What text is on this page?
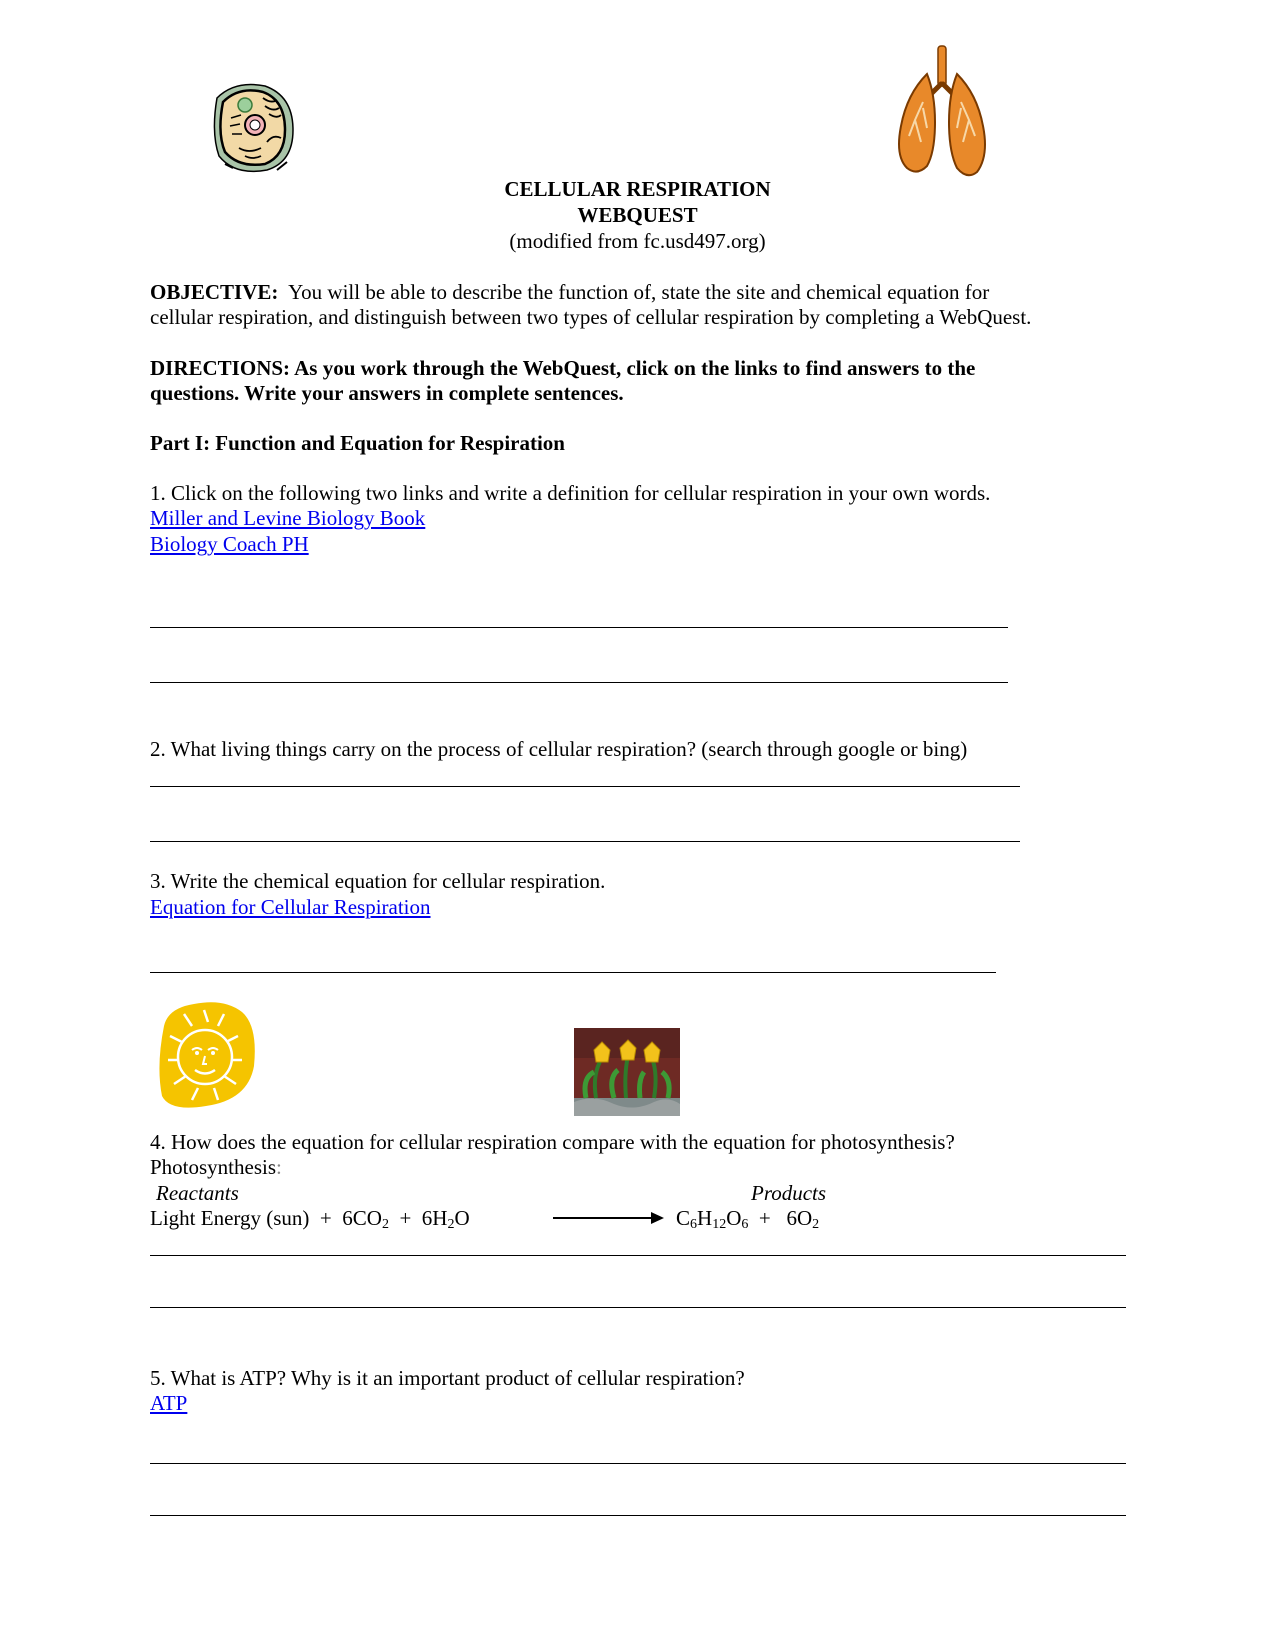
CELLULAR RESPIRATION
WEBQUEST
(modified from fc.usd497.org)
OBJECTIVE: You will be able to describe the function of, state the site and chemical equation for
cellular respiration, and distinguish between two types of cellular respiration by completing a WebQuest.
DIRECTIONS: As you work through the WebQuest, click on the links to find answers to the
questions. Write your answers in complete sentences.
Part I: Function and Equation for Respiration
1. Click on the following two links and write a definition for cellular respiration in your own words.
Miller and Levine Biology Book
Biology Coach PH
2. What living things carry on the process of cellular respiration? (search through google or bing)
3. Write the chemical equation for cellular respiration.
Equation for Cellular Respiration
4. How does the equation for cellular respiration compare with the equation for photosynthesis?
Photosynthesis:
Reactants	Products
Light Energy $(sun) + 6CO_2 + 6H_2O$	$C_6H_{12}O_6 + 6O_2$
5. What is ATP? Why is it an important product of cellular respiration?
ATP
